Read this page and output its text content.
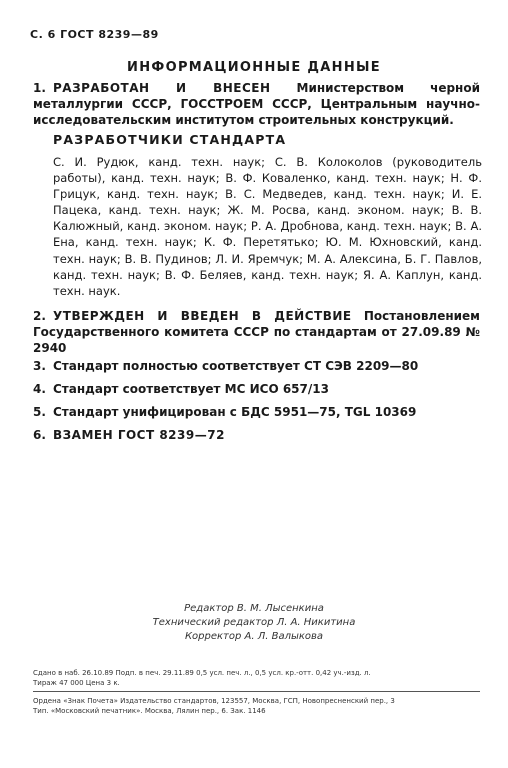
С. 6 ГОСТ 8239—89
ИНФОРМАЦИОННЫЕ ДАННЫЕ
1. РАЗРАБОТАН И ВНЕСЕН Министерством черной металлургии СССР, ГОССТРОЕМ СССР, Центральным научно-исследовательским институтом строительных конструкций.
РАЗРАБОТЧИКИ СТАНДАРТА
С. И. Рудюк, канд. техн. наук; С. В. Колоколов (руководитель работы), канд. техн. наук; В. Ф. Коваленко, канд. техн. наук; Н. Ф. Грицук, канд. техн. наук; В. С. Медведев, канд. техн. наук; И. Е. Пацека, канд. техн. наук; Ж. М. Росва, канд. эконом. наук; В. В. Калюжный, канд. эконом. наук; Р. А. Дробнова, канд. техн. наук; В. А. Ена, канд. техн. наук; К. Ф. Перетятько; Ю. М. Юхновский, канд. техн. наук; В. В. Пудинов; Л. И. Яремчук; М. А. Алексина, Б. Г. Павлов, канд. техн. наук; В. Ф. Беляев, канд. техн. наук; Я. А. Каплун, канд. техн. наук.
2. УТВЕРЖДЕН И ВВЕДЕН В ДЕЙСТВИЕ Постановлением Государственного комитета СССР по стандартам от 27.09.89 № 2940
3. Стандарт полностью соответствует СТ СЭВ 2209—80
4. Стандарт соответствует МС ИСО 657/13
5. Стандарт унифицирован с БДС 5951—75, TGL 10369
6. ВЗАМЕН ГОСТ 8239—72
Редактор В. М. Лысенкина
Технический редактор Л. А. Никитина
Корректор А. Л. Валыкова
Сдано в наб. 26.10.89 Подп. в печ. 29.11.89 0,5 усл. печ. л., 0,5 усл. кр.-отт. 0,42 уч.-изд. л.
Тираж 47 000 Цена 3 к.
Ордена «Знак Почета» Издательство стандартов, 123557, Москва, ГСП, Новопресненский пер., 3
Тип. «Московский печатник». Москва, Лялин пер., 6. Зак. 1146
